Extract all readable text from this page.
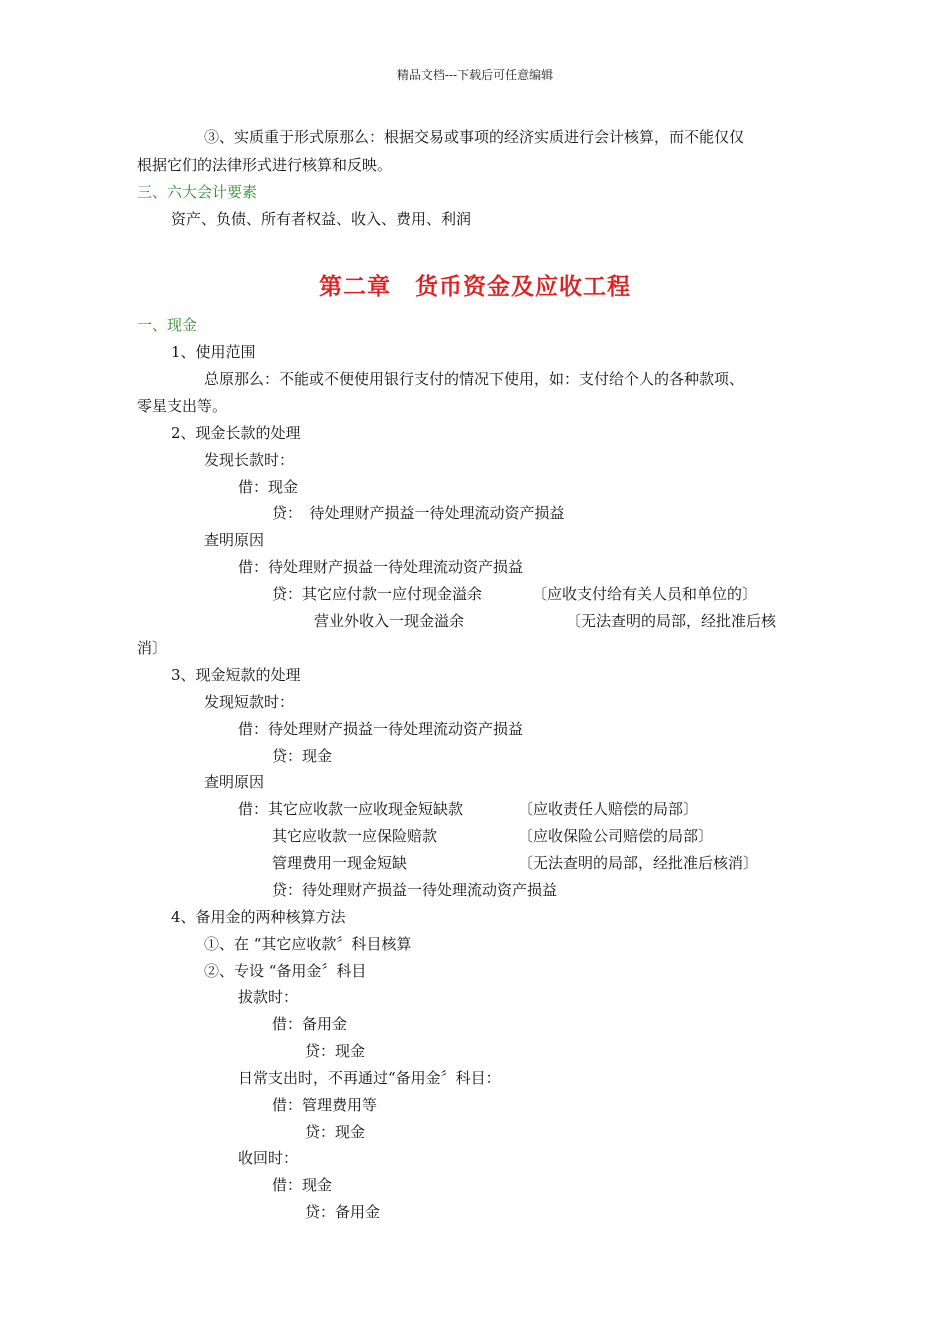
精品文档---下载后可任意编辑
③、实质重于形式原那么：根据交易或事项的经济实质进行会计核算，而不能仅仅
根据它们的法律形式进行核算和反映。
三、六大会计要素
资产、负债、所有者权益、收入、费用、利润
第二章　货币资金及应收工程
一、现金
1、使用范围
总原那么：不能或不便使用银行支付的情况下使用，如：支付给个人的各种款项、
零星支出等。
2、现金长款的处理
发现长款时：
借：现金
贷：　待处理财产损益一待处理流动资产损益
查明原因
借：待处理财产损益一待处理流动资产损益
贷：其它应付款一应付现金溢余	〔应收支付给有关人员和单位的〕
营业外收入一现金溢余	〔无法查明的局部，经批准后核
消〕
3、现金短款的处理
发现短款时：
借：待处理财产损益一待处理流动资产损益
贷：现金
查明原因
借：其它应收款一应收现金短缺款	〔应收责任人赔偿的局部〕
其它应收款一应保险赔款	〔应收保险公司赔偿的局部〕
管理费用一现金短缺	〔无法查明的局部，经批准后核消〕
贷：待处理财产损益一待处理流动资产损益
4、备用金的两种核算方法
①、在 “其它应收款〞科目核算
②、专设 “备用金〞科目
拔款时：
借：备用金
贷：现金
日常支出时，不再通过“备用金〞科目：
借：管理费用等
贷：现金
收回时：
借：现金
贷：备用金
